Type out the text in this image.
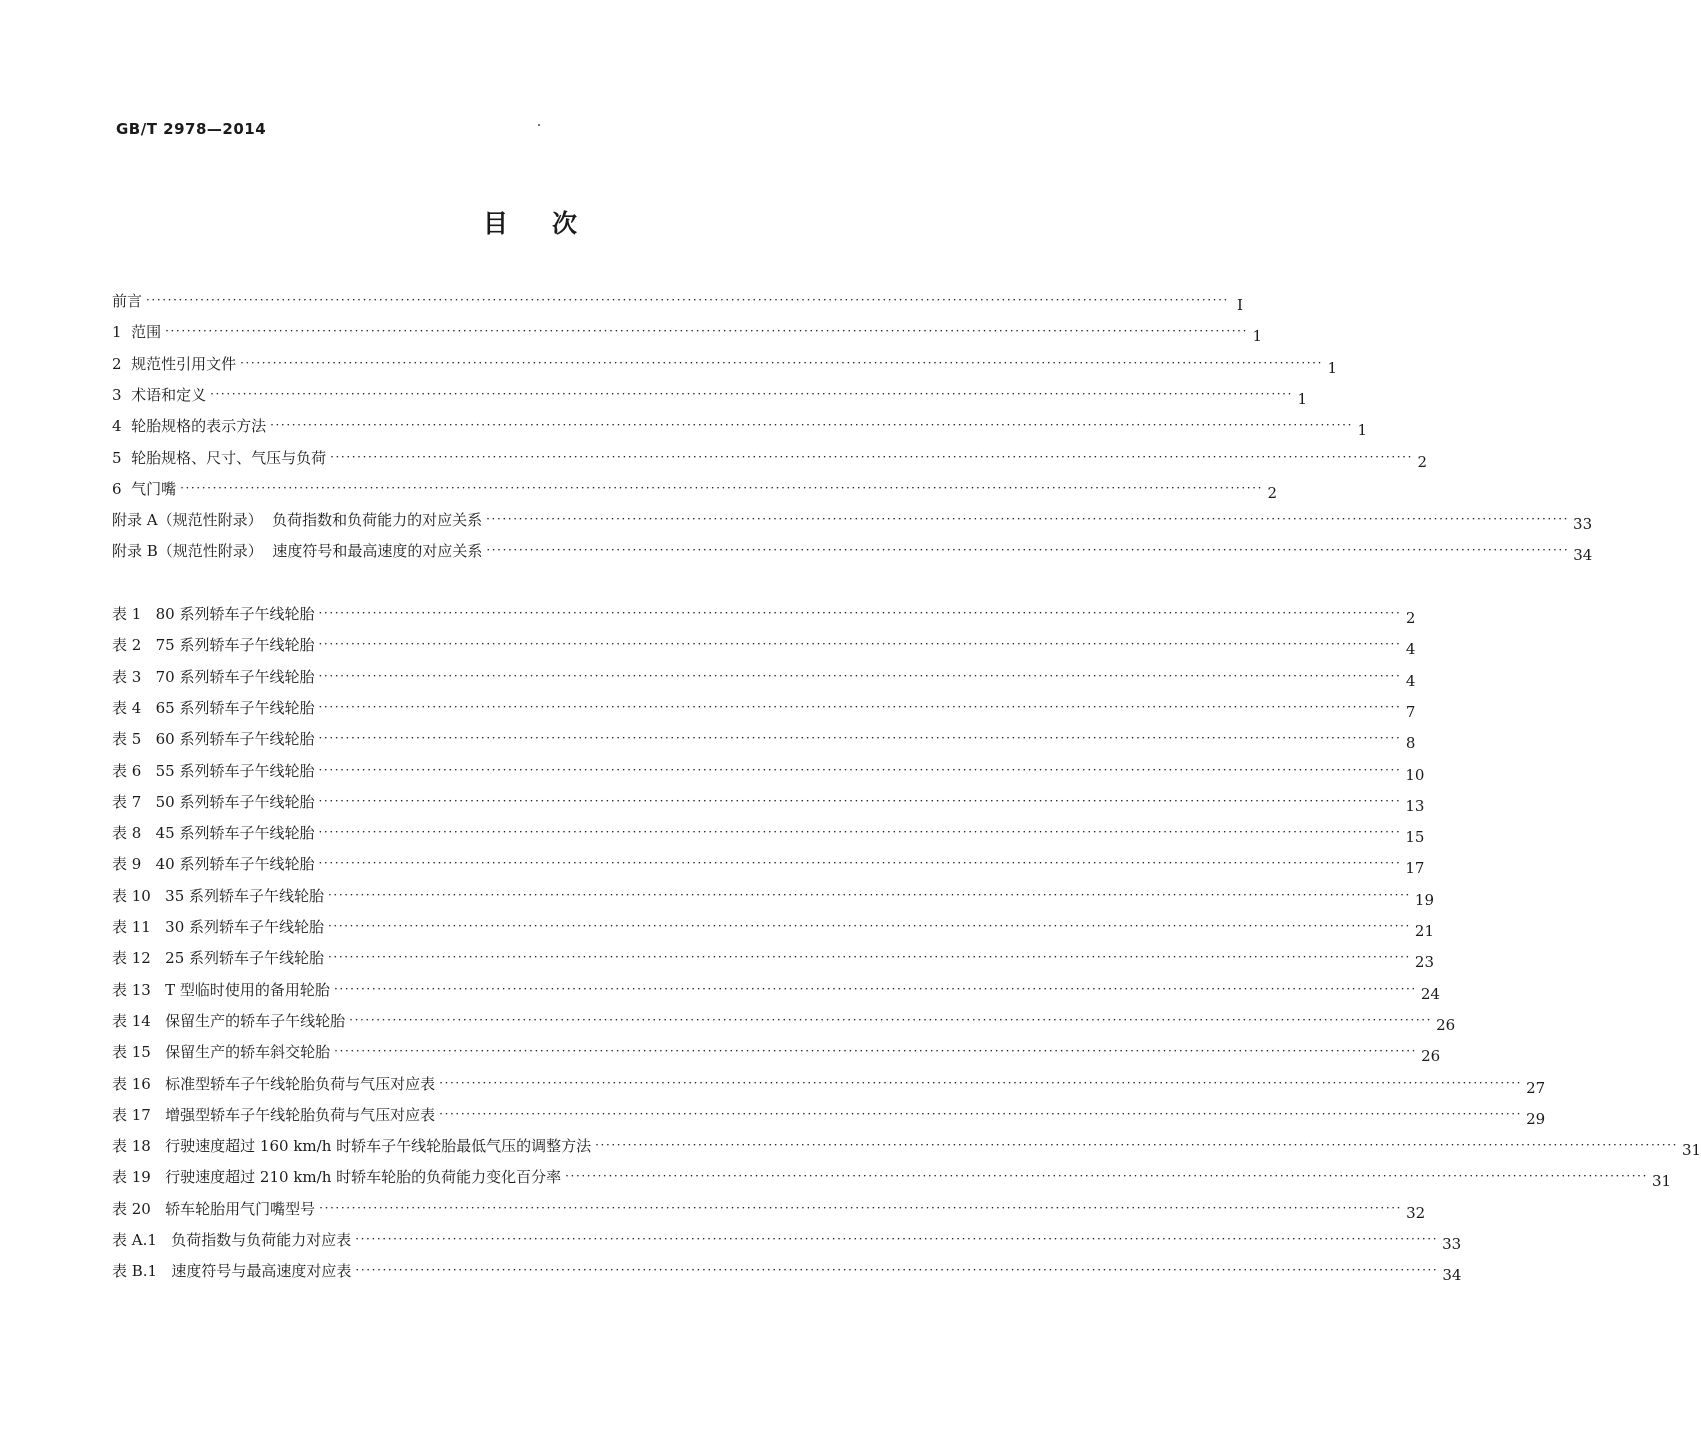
GB/T 2978—2014
目 次
前言 ········································································································································································································ I
1  范围 ········································································································································································································ 1
2  规范性引用文件 ········································································································································································································ 1
3  术语和定义 ········································································································································································································ 1
4  轮胎规格的表示方法 ········································································································································································································ 1
5  轮胎规格、尺寸、气压与负荷 ········································································································································································································ 2
6  气门嘴 ········································································································································································································ 2
附录 A（规范性附录）  负荷指数和负荷能力的对应关系 ········································································································································································································ 33
附录 B（规范性附录）  速度符号和最高速度的对应关系 ········································································································································································································ 34
表 1   80 系列轿车子午线轮胎 ········································································································································································································ 2
表 2   75 系列轿车子午线轮胎 ········································································································································································································ 4
表 3   70 系列轿车子午线轮胎 ········································································································································································································ 4
表 4   65 系列轿车子午线轮胎 ········································································································································································································ 7
表 5   60 系列轿车子午线轮胎 ········································································································································································································ 8
表 6   55 系列轿车子午线轮胎 ········································································································································································································ 10
表 7   50 系列轿车子午线轮胎 ········································································································································································································ 13
表 8   45 系列轿车子午线轮胎 ········································································································································································································ 15
表 9   40 系列轿车子午线轮胎 ········································································································································································································ 17
表 10   35 系列轿车子午线轮胎 ········································································································································································································ 19
表 11   30 系列轿车子午线轮胎 ········································································································································································································ 21
表 12   25 系列轿车子午线轮胎 ········································································································································································································ 23
表 13   T 型临时使用的备用轮胎 ········································································································································································································ 24
表 14   保留生产的轿车子午线轮胎 ········································································································································································································ 26
表 15   保留生产的轿车斜交轮胎 ········································································································································································································ 26
表 16   标准型轿车子午线轮胎负荷与气压对应表 ········································································································································································································ 27
表 17   增强型轿车子午线轮胎负荷与气压对应表 ········································································································································································································ 29
表 18   行驶速度超过 160 km/h 时轿车子午线轮胎最低气压的调整方法 ········································································································································································································ 31
表 19   行驶速度超过 210 km/h 时轿车轮胎的负荷能力变化百分率 ········································································································································································································ 31
表 20   轿车轮胎用气门嘴型号 ········································································································································································································ 32
表 A.1   负荷指数与负荷能力对应表 ········································································································································································································ 33
表 B.1   速度符号与最高速度对应表 ········································································································································································································ 34
